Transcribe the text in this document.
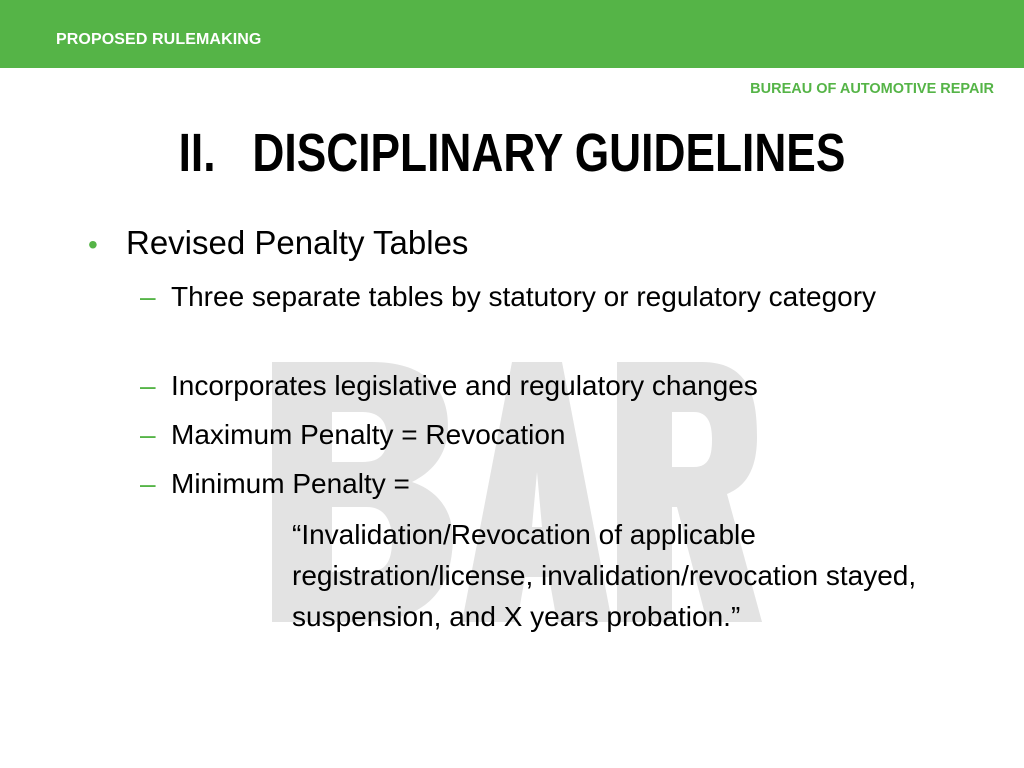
PROPOSED RULEMAKING
BUREAU OF AUTOMOTIVE REPAIR
II.   DISCIPLINARY GUIDELINES
• Revised Penalty Tables
– Three separate tables by statutory or regulatory category
– Incorporates legislative and regulatory changes
– Maximum Penalty = Revocation
– Minimum Penalty =
“Invalidation/Revocation of applicable registration/license, invalidation/revocation stayed, suspension, and X years probation.”
